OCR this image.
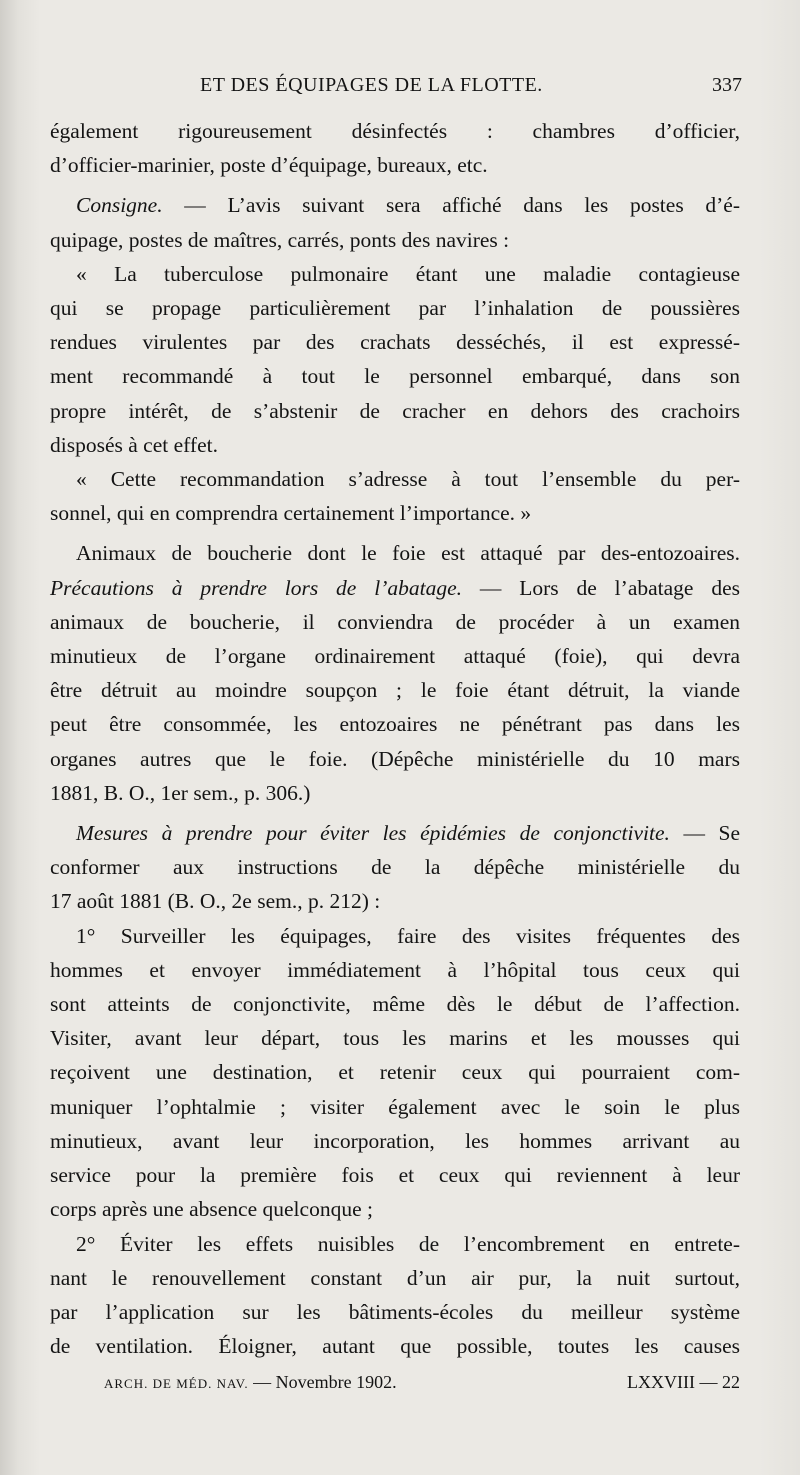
ET DES ÉQUIPAGES DE LA FLOTTE.	337
également rigoureusement désinfectés : chambres d’officier,
d’officier-marinier, poste d’équipage, bureaux, etc.
Consigne. — L’avis suivant sera affiché dans les postes d’é-
quipage, postes de maîtres, carrés, ponts des navires :
« La tuberculose pulmonaire étant une maladie contagieuse
qui se propage particulièrement par l’inhalation de poussières
rendues virulentes par des crachats desséchés, il est expressé-
ment recommandé à tout le personnel embarqué, dans son
propre intérêt, de s’abstenir de cracher en dehors des crachoirs
disposés à cet effet.
« Cette recommandation s’adresse à tout l’ensemble du per-
sonnel, qui en comprendra certainement l’importance. »
Animaux de boucherie dont le foie est attaqué par des-entozoaires.
Précautions à prendre lors de l’abatage. — Lors de l’abatage des
animaux de boucherie, il conviendra de procéder à un examen
minutieux de l’organe ordinairement attaqué (foie), qui devra
être détruit au moindre soupçon ; le foie étant détruit, la viande
peut être consommée, les entozoaires ne pénétrant pas dans les
organes autres que le foie. (Dépêche ministérielle du 10 mars
1881, B. O., 1er sem., p. 306.)
Mesures à prendre pour éviter les épidémies de conjonctivite. — Se
conformer aux instructions de la dépêche ministérielle du
17 août 1881 (B. O., 2e sem., p. 212) :
1° Surveiller les équipages, faire des visites fréquentes des
hommes et envoyer immédiatement à l’hôpital tous ceux qui
sont atteints de conjonctivite, même dès le début de l’affection.
Visiter, avant leur départ, tous les marins et les mousses qui
reçoivent une destination, et retenir ceux qui pourraient com-
muniquer l’ophtalmie ; visiter également avec le soin le plus
minutieux, avant leur incorporation, les hommes arrivant au
service pour la première fois et ceux qui reviennent à leur
corps après une absence quelconque ;
2° Éviter les effets nuisibles de l’encombrement en entrete-
nant le renouvellement constant d’un air pur, la nuit surtout,
par l’application sur les bâtiments-écoles du meilleur système
de ventilation. Éloigner, autant que possible, toutes les causes
ARCH. DE MÉD. NAV. — Novembre 1902.	LXXVIII — 22
